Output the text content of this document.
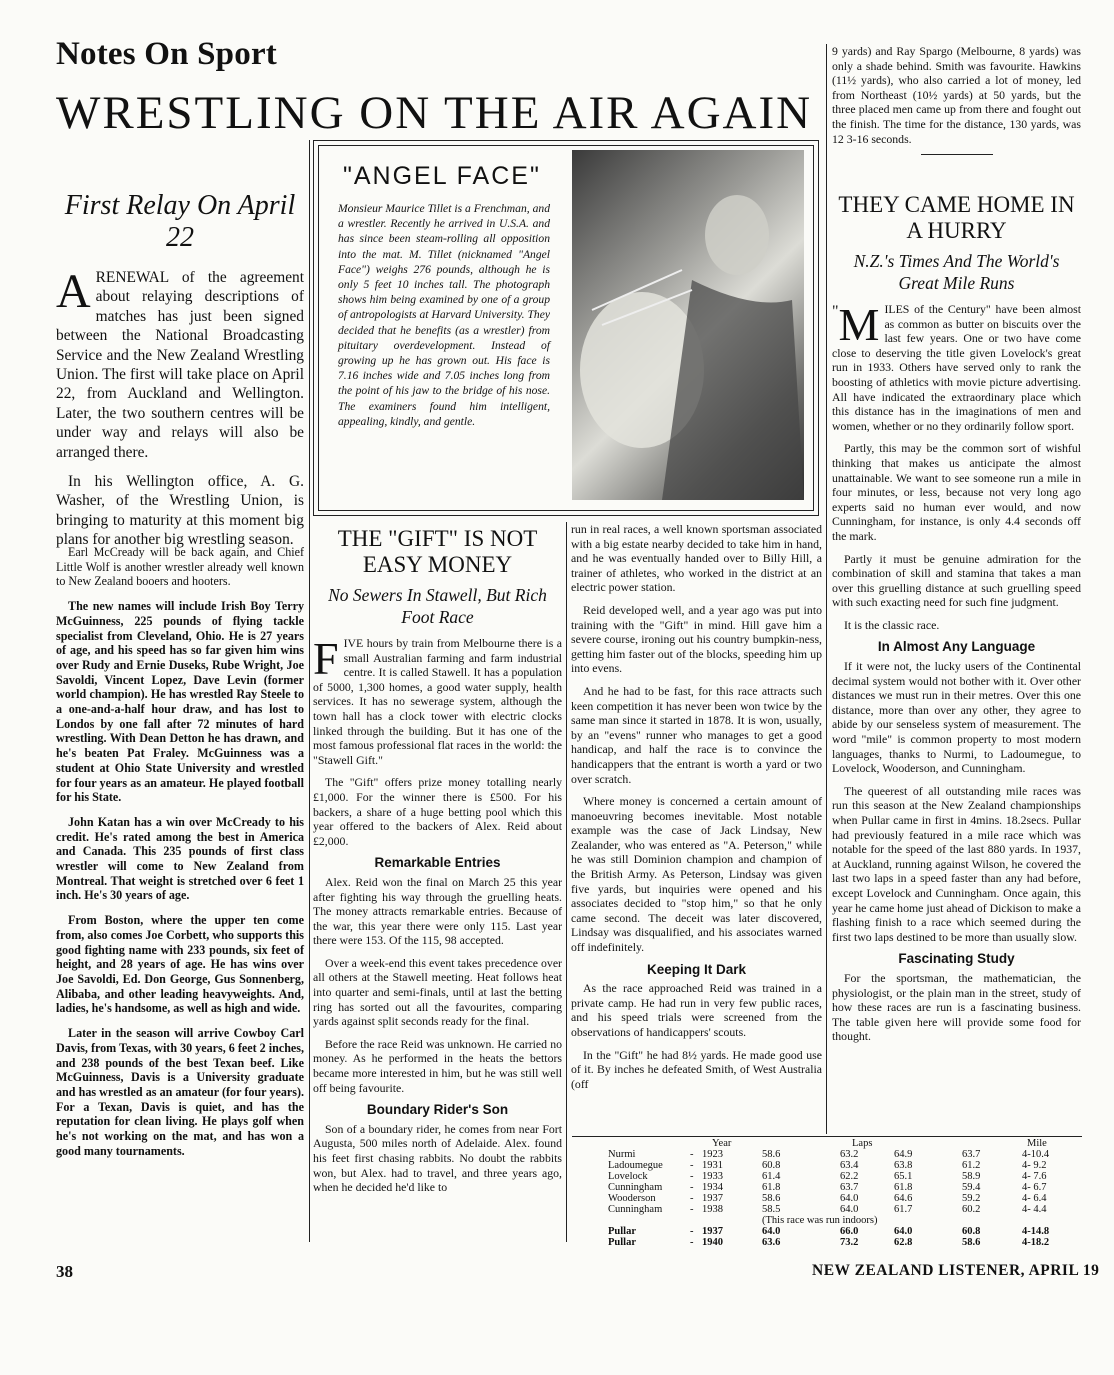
Notes On Sport
WRESTLING ON THE AIR AGAIN
First Relay On April 22

ARENEWAL of the agreement about relaying descriptions of matches has just been signed between the National Broadcasting Service and the New Zealand Wrestling Union. The first will take place on April 22, from Auckland and Wellington. Later, the two southern centres will be under way and relays will also be arranged there.

In his Wellington office, A. G. Washer, of the Wrestling Union, is bringing to maturity at this moment big plans for another big wrestling season.

Earl McCready will be back again, and Chief Little Wolf is another wrestler already well known to New Zealand booers and hooters.

The new names will include Irish Boy Terry McGuinness, 225 pounds of flying tackle specialist from Cleveland, Ohio. He is 27 years of age, and his speed has so far given him wins over Rudy and Ernie Duseks, Rube Wright, Joe Savoldi, Vincent Lopez, Dave Levin (former world champion). He has wrestled Ray Steele to a one-and-a-half hour draw, and has lost to Londos by one fall after 72 minutes of hard wrestling. With Dean Detton he has drawn, and he's beaten Pat Fraley. McGuinness was a student at Ohio State University and wrestled for four years as an amateur. He played football for his State.

John Katan has a win over McCready to his credit. He's rated among the best in America and Canada. This 235 pounds of first class wrestler will come to New Zealand from Montreal. That weight is stretched over 6 feet 1 inch. He's 30 years of age.

From Boston, where the upper ten come from, also comes Joe Corbett, who supports this good fighting name with 233 pounds, six feet of height, and 28 years of age. He has wins over Joe Savoldi, Ed. Don George, Gus Sonnenberg, Alibaba, and other leading heavyweights. And, ladies, he's handsome, as well as high and wide.

Later in the season will arrive Cowboy Carl Davis, from Texas, with 30 years, 6 feet 2 inches, and 238 pounds of the best Texan beef. Like McGuinness, Davis is a University graduate and has wrestled as an amateur (for four years). For a Texan, Davis is quiet, and has the reputation for clean living. He plays golf when he's not working on the mat, and has won a good many tournaments.

"ANGEL FACE"
Monsieur Maurice Tillet is a Frenchman, and a wrestler. Recently he arrived in U.S.A. and has since been steam-rolling all opposition into the mat. M. Tillet (nicknamed "Angel Face") weighs 276 pounds, although he is only 5 feet 10 inches tall. The photograph shows him being examined by one of a group of antropologists at Harvard University. They decided that he benefits (as a wrestler) from pituitary overdevelopment. Instead of growing up he has grown out. His face is 7.16 inches wide and 7.05 inches long from the point of his jaw to the bridge of his nose. The examiners found him intelligent, appealing, kindly, and gentle.
THE "GIFT" IS NOT EASY MONEY
No Sewers In Stawell, But Rich Foot Race

FIVE hours by train from Melbourne there is a small Australian farming and farm industrial centre. It is called Stawell. It has a population of 5000, 1,300 homes, a good water supply, health services. It has no sewerage system, although the town hall has a clock tower with electric clocks linked through the building. But it has one of the most famous professional flat races in the world: the "Stawell Gift."

The "Gift" offers prize money totalling nearly £1,000. For the winner there is £500. For his backers, a share of a huge betting pool which this year offered to the backers of Alex. Reid about £2,000.

Remarkable Entries

Alex. Reid won the final on March 25 this year after fighting his way through the gruelling heats. The money attracts remarkable entries. Because of the war, this year there were only 115. Last year there were 153. Of the 115, 98 accepted.

Over a week-end this event takes precedence over all others at the Stawell meeting. Heat follows heat into quarter and semi-finals, until at last the betting ring has sorted out all the favourites, comparing yards against split seconds ready for the final.

Before the race Reid was unknown. He carried no money. As he performed in the heats the bettors became more interested in him, but he was still well off being favourite.

Boundary Rider's Son

Son of a boundary rider, he comes from near Fort Augusta, 500 miles north of Adelaide. Alex. found his feet first chasing rabbits. No doubt the rabbits won, but Alex. had to travel, and three years ago, when he decided he'd like to

run in real races, a well known sportsman associated with a big estate nearby decided to take him in hand, and he was eventually handed over to Billy Hill, a trainer of athletes, who worked in the district at an electric power station.

Reid developed well, and a year ago was put into training with the "Gift" in mind. Hill gave him a severe course, ironing out his country bumpkin-ness, getting him faster out of the blocks, speeding him up into evens.

And he had to be fast, for this race attracts such keen competition it has never been won twice by the same man since it started in 1878. It is won, usually, by an "evens" runner who manages to get a good handicap, and half the race is to convince the handicappers that the entrant is worth a yard or two over scratch.

Where money is concerned a certain amount of manoeuvring becomes inevitable. Most notable example was the case of Jack Lindsay, New Zealander, who was entered as "A. Peterson," while he was still Dominion champion and champion of the British Army. As Peterson, Lindsay was given five yards, but inquiries were opened and his associates decided to "stop him," so that he only came second. The deceit was later discovered, Lindsay was disqualified, and his associates warned off indefinitely.

Keeping It Dark

As the race approached Reid was trained in a private camp. He had run in very few public races, and his speed trials were screened from the observations of handicappers' scouts.

In the "Gift" he had 8½ yards. He made good use of it. By inches he defeated Smith, of West Australia (off

9 yards) and Ray Spargo (Melbourne, 8 yards) was only a shade behind. Smith was favourite. Hawkins (11½ yards), who also carried a lot of money, led from Northeast (10½ yards) at 50 yards, but the three placed men came up from there and fought out the finish. The time for the distance, 130 yards, was 12 3-16 seconds.

THEY CAME HOME IN A HURRY
N.Z.'s Times And The World's Great Mile Runs

" M ILES of the Century" have been almost as common as butter on biscuits over the last few years. One or two have come close to deserving the title given Lovelock's great run in 1933. Others have served only to rank the boosting of athletics with movie picture advertising. All have indicated the extraordinary place which this distance has in the imaginations of men and women, whether or no they ordinarily follow sport.

Partly, this may be the common sort of wishful thinking that makes us anticipate the almost unattainable. We want to see someone run a mile in four minutes, or less, because not very long ago experts said no human ever would, and now Cunningham, for instance, is only 4.4 seconds off the mark.

Partly it must be genuine admiration for the combination of skill and stamina that takes a man over this gruelling distance at such gruelling speed with such exacting need for such fine judgment.

It is the classic race.

In Almost Any Language

If it were not, the lucky users of the Continental decimal system would not bother with it. Over other distances we must run in their metres. Over this one distance, more than over any other, they agree to abide by our senseless system of measurement. The word "mile" is common property to most modern languages, thanks to Nurmi, to Ladoumegue, to Lovelock, Wooderson, and Cunningham.

The queerest of all outstanding mile races was run this season at the New Zealand championships when Pullar came in first in 4mins. 18.2secs. Pullar had previously featured in a mile race which was notable for the speed of the last 880 yards. In 1937, at Auckland, running against Wilson, he covered the last two laps in a speed faster than any had before, except Lovelock and Cunningham. Once again, this year he came home just ahead of Dickison to make a flashing finish to a race which seemed during the first two laps destined to be more than usually slow.

Fascinating Study

For the sportsman, the mathematician, the physiologist, or the plain man in the street, study of how these races are run is a fascinating business. The table given here will provide some food for thought.

Year	Laps	Mile
Nurmi	- 1923	58.6	63.2	64.9	63.7	4-10.4
Ladoumegue	- 1931	60.8	63.4	63.8	61.2	4- 9.2
Lovelock	- 1933	61.4	62.2	65.1	58.9	4- 7.6
Cunningham	- 1934	61.8	63.7	61.8	59.4	4- 6.7
Wooderson	- 1937	58.6	64.0	64.6	59.2	4- 6.4
Cunningham	- 1938	58.5	64.0	61.7	60.2	4- 4.4
(This race was run indoors)
Pullar	- 1937	64.0	66.0	64.0	60.8	4-14.8
Pullar	- 1940	63.6	73.2	62.8	58.6	4-18.2
38	NEW ZEALAND LISTENER, APRIL 19
